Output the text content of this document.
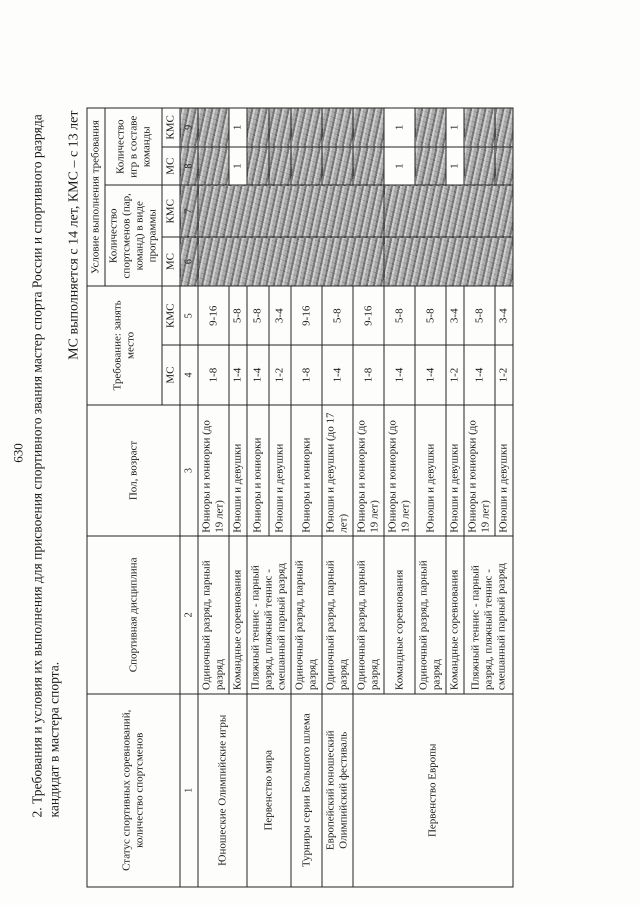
630 2. Требования и условия их выполнения для присвоения спортивного звания мастер спорта России и спортивного разряда кандидат в мастера спорта.
МС выполняется с 14 лет, КМС – с 13 лет
Статус спортивных соревнований, количество спортсменов	Спортивная дисциплина	Пол, возраст	Требование: занять место		Условие выполнения требования			
					Количество спортсменов (пар, команд) в виде программы		Количество игр в составе команды	
			МС	КМС	МС	КМС	МС	КМС
1	2	3	4	5	6	7	8	9
Юношеские Олимпийские игры	Одиночный разряд, парный разряд	Юниоры и юниорки (до 19 лет)	1-8	9-16				
	Командные соревнования	Юноши и девушки	1-4	5-8			1	1
Первенство мира	Пляжный теннис - парный разряд, пляжный теннис - смешанный парный разряд	Юниоры и юниорки	1-4	5-8				
		Юноши и девушки	1-2	3-4				
Турниры серии Большого шлема	Одиночный разряд, парный разряд	Юниоры и юниорки	1-8	9-16				
Европейский юношеский Олимпийский фестиваль	Одиночный разряд, парный разряд	Юноши и девушки (до 17 лет)	1-4	5-8				
Первенство Европы	Одиночный разряд, парный разряд	Юниоры и юниорки (до 19 лет)	1-8	9-16				
	Командные соревнования	Юниоры и юниорки (до 19 лет)	1-4	5-8			1	1
	Одиночный разряд, парный разряд	Юноши и девушки	1-4	5-8				
	Командные соревнования	Юноши и девушки	1-2	3-4			1	1
	Пляжный теннис - парный разряд, пляжный теннис - смешанный парный разряд	Юниоры и юниорки (до 19 лет)	1-4	5-8				
		Юноши и девушки	1-2	3-4				
